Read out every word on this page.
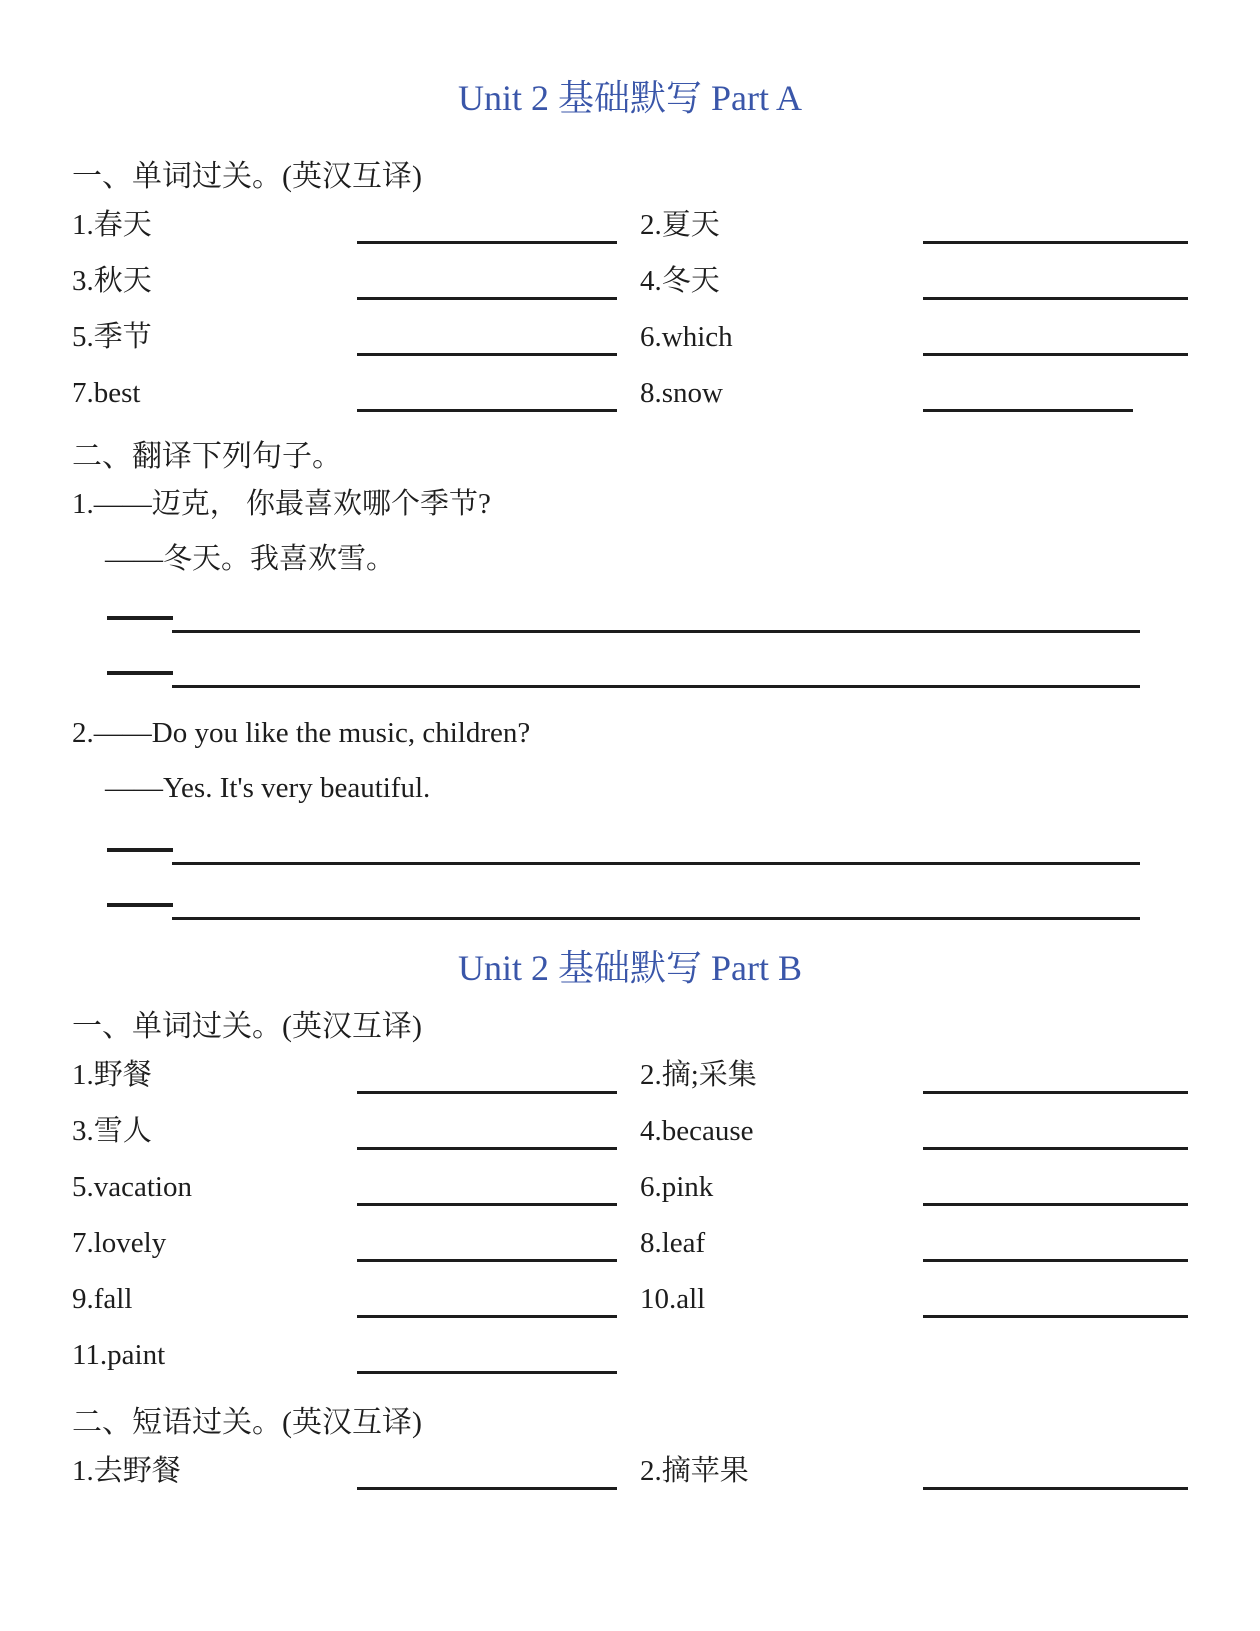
Unit 2 基础默写 Part A
一、单词过关。(英汉互译)
1.春天	2.夏天
3.秋天	4.冬天
5.季节	6.which
7.best	8.snow
二、翻译下列句子。
1.——迈克， 你最喜欢哪个季节?
——冬天。我喜欢雪。
2.——Do you like the music, children?
——Yes. It's very beautiful.
Unit 2 基础默写 Part B
一、单词过关。(英汉互译)
1.野餐	2.摘;采集
3.雪人	4.because
5.vacation	6.pink
7.lovely	8.leaf
9.fall	10.all
11.paint
二、短语过关。(英汉互译)
1.去野餐	2.摘苹果
